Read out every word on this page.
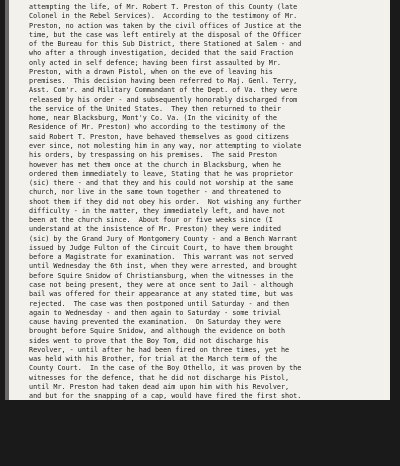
attempting the life, of Mr. Robert T. Preston of this County (late
Colonel in the Rebel Services).  According to the testimony of Mr.
Preston, no action was taken by the civil offices of Justice at the
time, but the case was left entirely at the disposal of the Officer
of the Bureau for this Sub District, there Stationed at Salem - and
who after a through investigation, decided that the said Fraction
only acted in self defence; having been first assaulted by Mr.
Preston, with a drawn Pistol, when on the eve of leaving his
premises.  This decision having been referred to Maj. Genl. Terry,
Asst. Com'r. and Military Commandant of the Dept. of Va. they were
released by his order - and subsequently honorably discharged from
the service of the United States.  They then returned to their
home, near Blacksburg, Mont'y Co. Va. (In the vicinity of the
Residence of Mr. Preston) who according to the testimony of the
said Robert T. Preston, have behaved themselves as good citizens
ever since, not molesting him in any way, nor attempting to violate
his orders, by trespassing on his premises.  The said Preston
however has met them once at the church in Blacksburg, when he
ordered them immediately to leave, Stating that he was proprietor
(sic) there - and that they and his could not worship at the same
church, nor live in the same town together - and threatened to
shoot them if they did not obey his order.  Not wishing any further
difficulty - in the matter, they immediately left, and have not
been at the church since.  About four or five weeks since (I
understand at the insistence of Mr. Preston) they were indited
(sic) by the Grand Jury of Montgomery County - and a Bench Warrant
issued by Judge Fulton of the Circuit Court, to have them brought
before a Magistrate for examination.  This warrant was not served
until Wednesday the 6th inst, when they were arrested, and brought
before Squire Snidow of Christiansburg, when the witnesses in the
case not being present, they were at once sent to Jail - although
bail was offered for their appearance at any stated time, but was
rejected.  The case was then postponed until Saturday - and then
again to Wednesday - and then again to Saturday - some trivial
cause having prevented the examination.  On Saturday they were
brought before Squire Snidow, and although the evidence on both
sides went to prove that the Boy Tom, did not discharge his
Revolver, - until after he had been fired on three times, yet he
was held with his Brother, for trial at the March term of the
County Court.  In the case of the Boy Othello, it was proven by the
witnesses for the defence, that he did not discharge his Pistol,
until Mr. Preston had taken dead aim upon him with his Revolver,
and but for the snapping of a cap, would have fired the first shot.
Mr. Preston stated that he did not snap the cap, but simply raised
(sic) his piece, in the position to fire, cocking it at the same
time.  They were however released from confinement, on giving bail
to the Sum of One hundred dollars each, for their appearance at the
March term of the Montgomery County Court, which convenes on the
first Monday in the month.
Awaiting Your Instructions
